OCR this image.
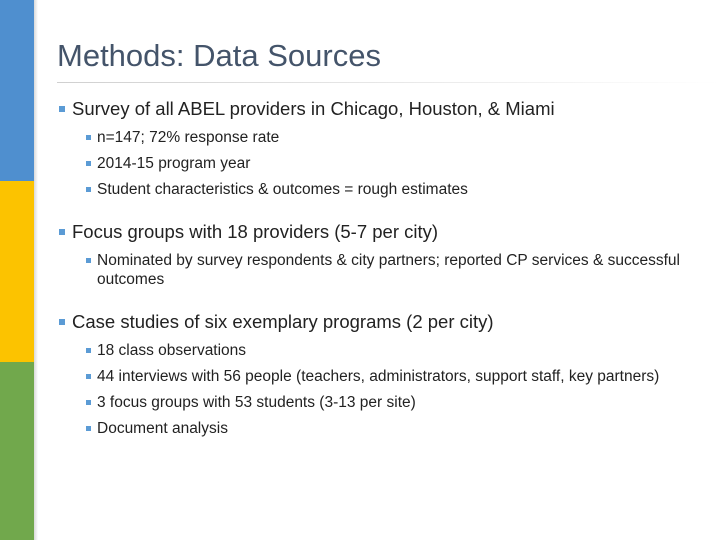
Methods: Data Sources
Survey of all ABEL providers in Chicago, Houston, & Miami
n=147; 72% response rate
2014-15 program year
Student characteristics & outcomes = rough estimates
Focus groups with 18 providers (5-7 per city)
Nominated by survey respondents & city partners; reported CP services & successful outcomes
Case studies of six exemplary programs (2 per city)
18 class observations
44 interviews with 56 people (teachers, administrators, support staff, key partners)
3 focus groups with 53 students (3-13 per site)
Document analysis
